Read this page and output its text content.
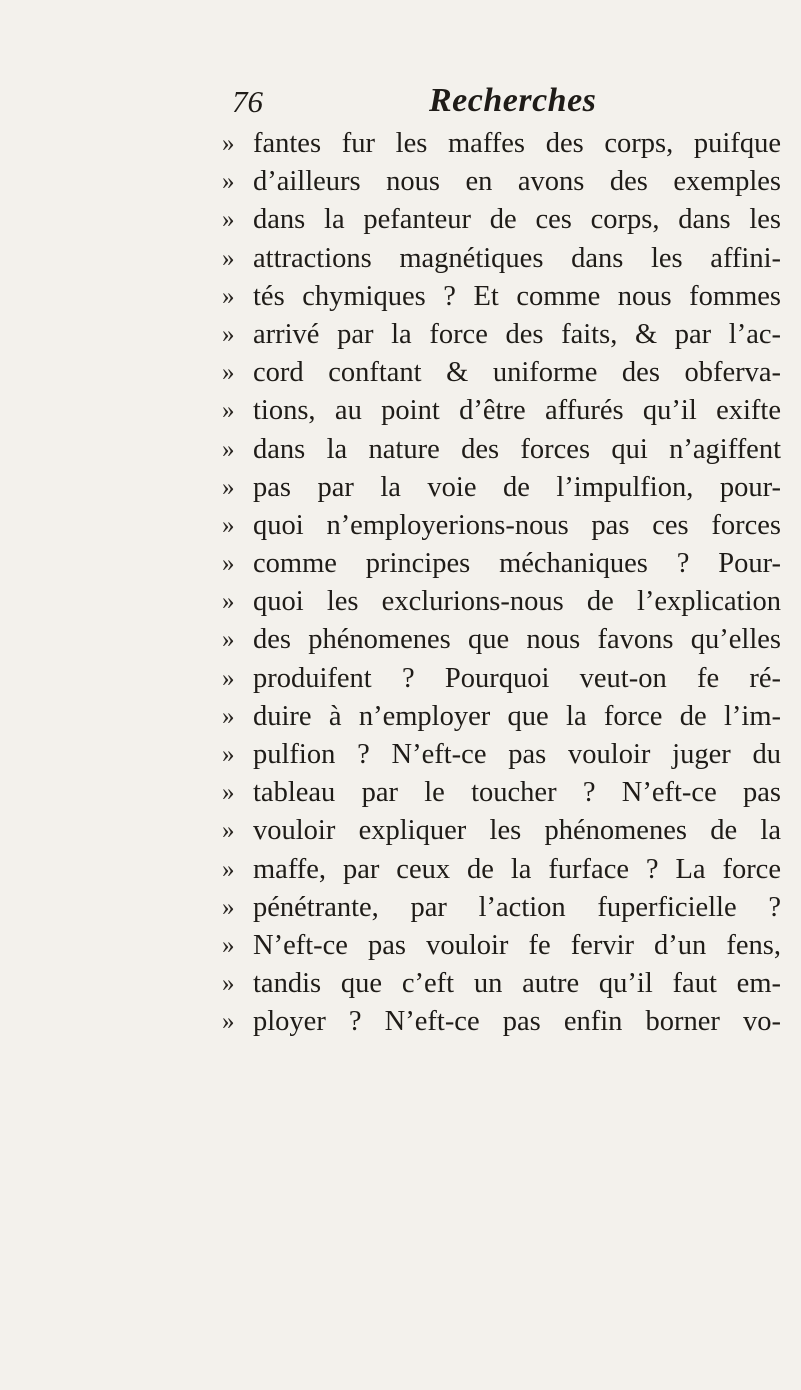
76	Recherches
» fantes fur les maffes des corps, puifque
» d’ailleurs nous en avons des exemples
» dans la pefanteur de ces corps, dans les
» attractions magnétiques dans les affini-
» tés chymiques ? Et comme nous fommes
» arrivé par la force des faits, & par l’ac-
» cord conftant & uniforme des obferva-
» tions, au point d’être affurés qu’il exifte
» dans la nature des forces qui n’agiffent
» pas par la voie de l’impulfion, pour-
» quoi n’employerions-nous pas ces forces
» comme principes méchaniques ? Pour-
» quoi les exclurions-nous de l’explication
» des phénomenes que nous favons qu’elles
» produifent ? Pourquoi veut-on fe ré-
» duire à n’employer que la force de l’im-
» pulfion ? N’eft-ce pas vouloir juger du
» tableau par le toucher ? N’eft-ce pas
» vouloir expliquer les phénomenes de la
» maffe, par ceux de la furface ? La force
» pénétrante, par l’action fuperficielle ?
» N’eft-ce pas vouloir fe fervir d’un fens,
» tandis que c’eft un autre qu’il faut em-
» ployer ? N’eft-ce pas enfin borner vo-
